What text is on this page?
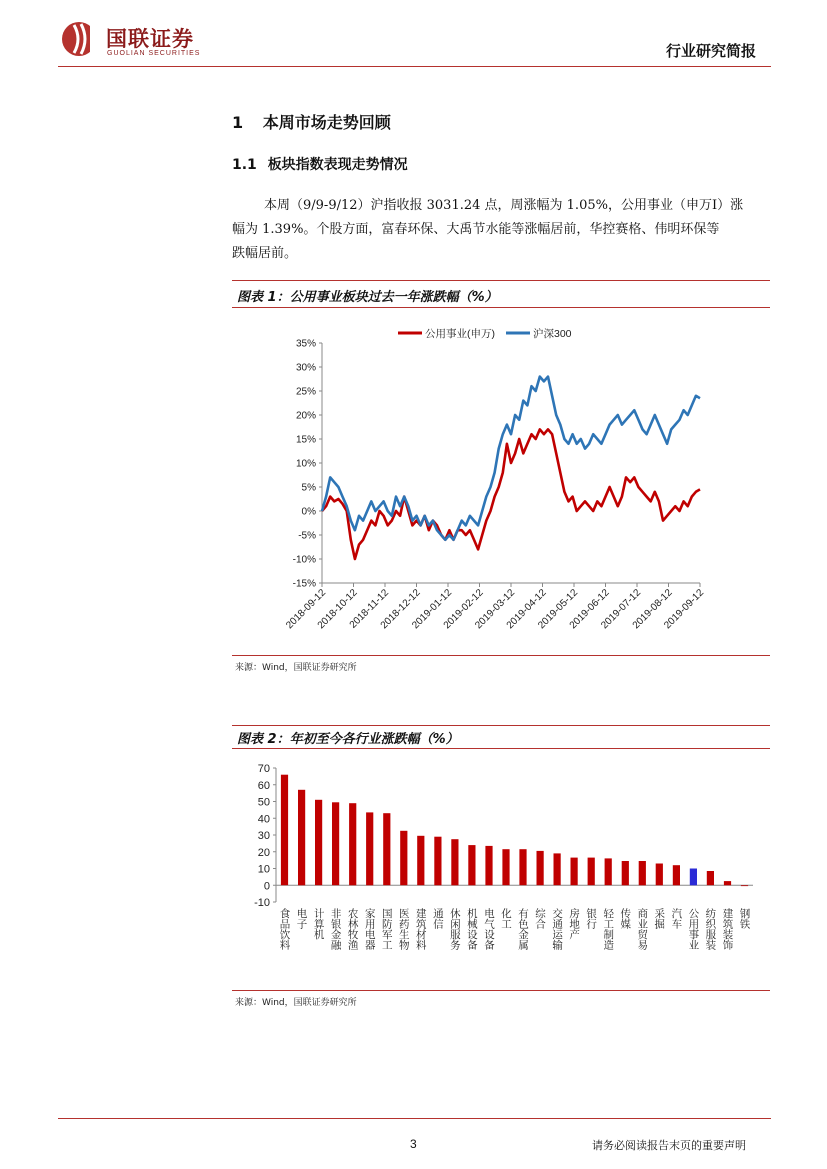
国联证券
GUOLIAN SECURITIES	行业研究简报
1 本周市场走势回顾
1.1 板块指数表现走势情况
本周（9/9-9/12）沪指收报 3031.24 点，周涨幅为 1.05%，公用事业（申万I）涨
幅为 1.39%。个股方面，富春环保、大禹节水能等涨幅居前，华控赛格、伟明环保等
跌幅居前。
图表 1：公用事业板块过去一年涨跌幅（%）
-15%
-10%
-5%
0%
5%
10%
15%
20%
25%
30%
35%
2018-09-12
2018-10-12
2018-11-12
2018-12-12
2019-01-12
2019-02-12
2019-03-12
2019-04-12
2019-05-12
2019-06-12
2019-07-12
2019-08-12
2019-09-12
公用事业(申万)	沪深300
来源：Wind，国联证券研究所
图表 2：年初至今各行业涨跌幅（%）
-10
0
10
20
30
40
50
60
70
食品饮料 电子 计算机 非银金融 农林牧渔 家用电器 国防军工 医药生物 建筑材料 通信 休闲服务 机械设备 电气设备 化工 有色金属 综合 交通运输 房地产 银行 轻工制造 传媒 商业贸易 采掘 汽车 公用事业 纺织服装 建筑装饰 钢铁
来源：Wind，国联证券研究所
3	请务必阅读报告末页的重要声明
